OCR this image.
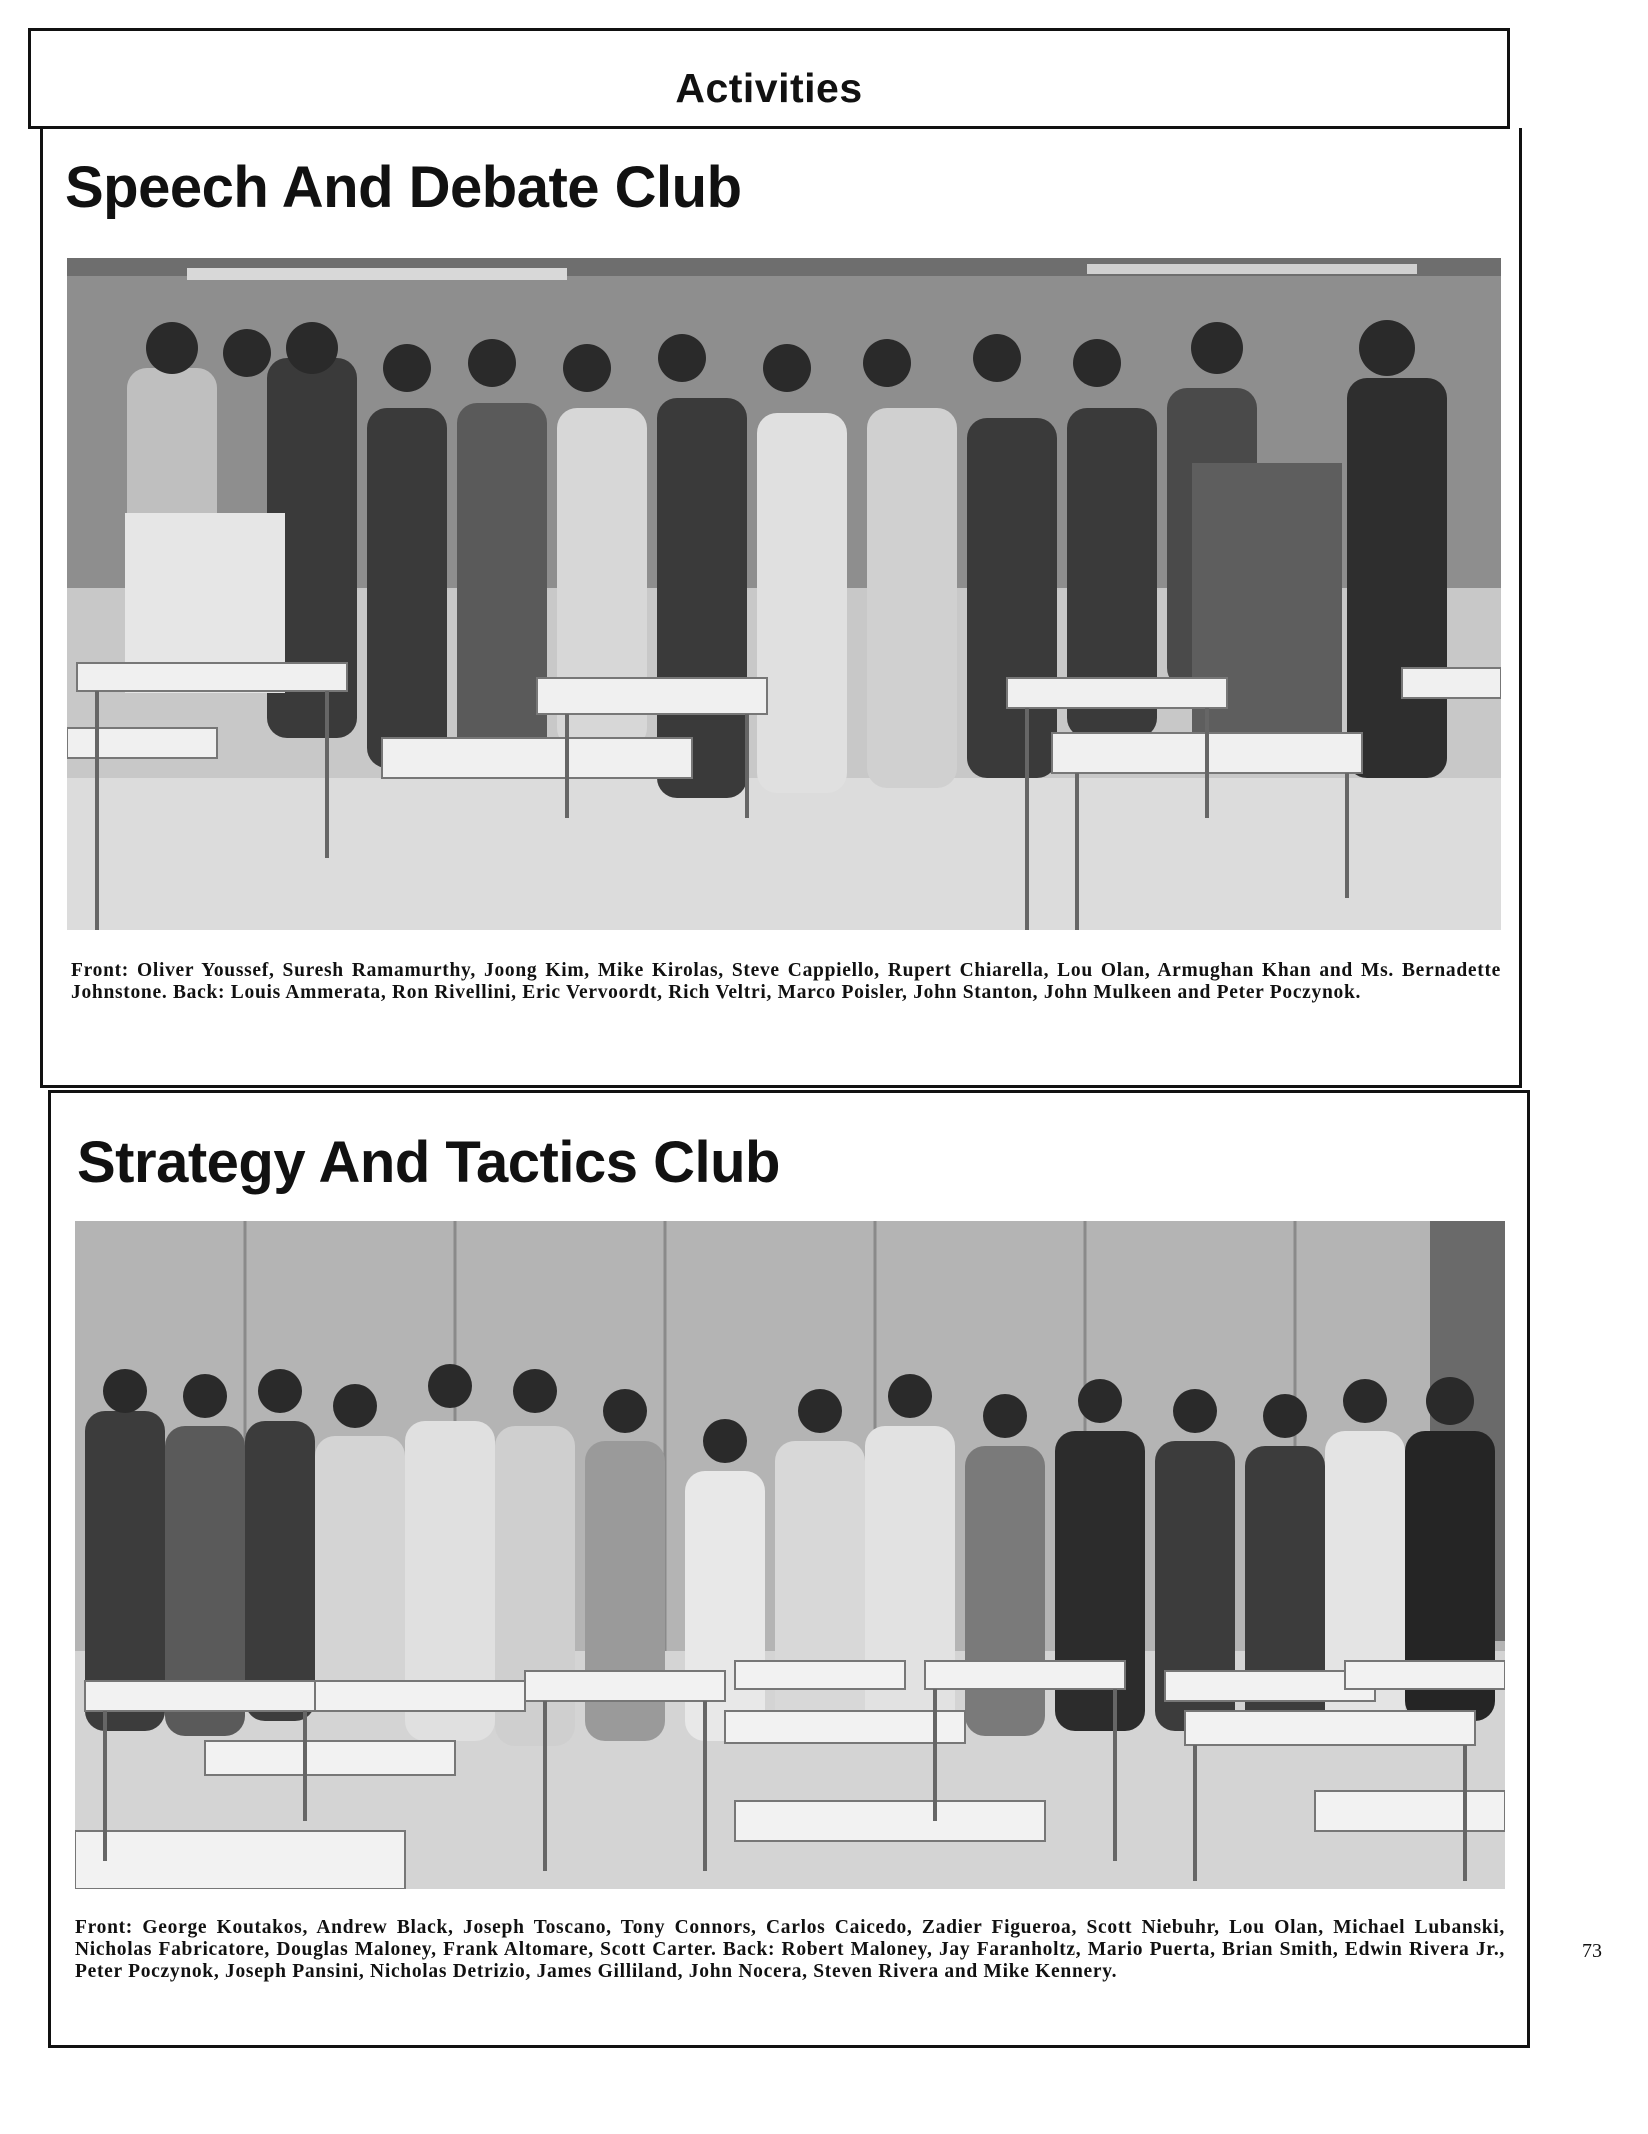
Activities
Speech And Debate Club
Front: Oliver Youssef, Suresh Ramamurthy, Joong Kim, Mike Kirolas, Steve Cappiello, Rupert Chiarella, Lou Olan, Armughan Khan and Ms. Bernadette Johnstone. Back: Louis Ammerata, Ron Rivellini, Eric Vervoordt, Rich Veltri, Marco Poisler, John Stanton, John Mulkeen and Peter Poczynok.
Strategy And Tactics Club
Front: George Koutakos, Andrew Black, Joseph Toscano, Tony Connors, Carlos Caicedo, Zadier Figueroa, Scott Niebuhr, Lou Olan, Michael Lubanski, Nicholas Fabricatore, Douglas Maloney, Frank Altomare, Scott Carter. Back: Robert Maloney, Jay Faranholtz, Mario Puerta, Brian Smith, Edwin Rivera Jr., Peter Poczynok, Joseph Pansini, Nicholas Detrizio, James Gilliland, John Nocera, Steven Rivera and Mike Kennery.
73
